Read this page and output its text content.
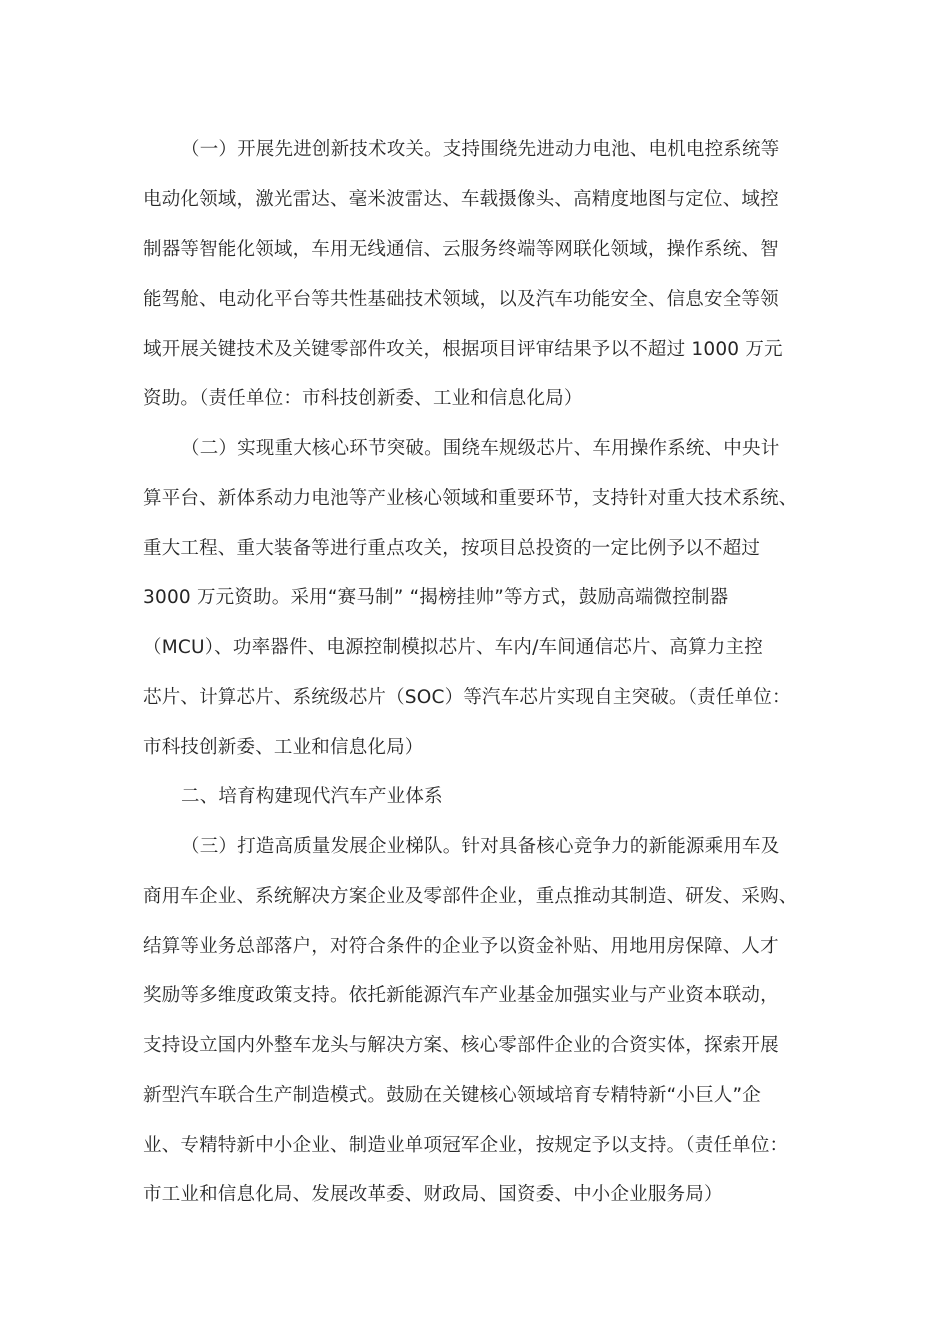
（一）开展先进创新技术攻关。支持围绕先进动力电池、电机电控系统等
电动化领域，激光雷达、毫米波雷达、车载摄像头、高精度地图与定位、域控
制器等智能化领域，车用无线通信、云服务终端等网联化领域，操作系统、智
能驾舱、电动化平台等共性基础技术领域，以及汽车功能安全、信息安全等领
域开展关键技术及关键零部件攻关，根据项目评审结果予以不超过 1000 万元
资助。（责任单位：市科技创新委、工业和信息化局）
（二）实现重大核心环节突破。围绕车规级芯片、车用操作系统、中央计
算平台、新体系动力电池等产业核心领域和重要环节，支持针对重大技术系统、
重大工程、重大装备等进行重点攻关，按项目总投资的一定比例予以不超过
3000 万元资助。采用“赛马制” “揭榜挂帅”等方式，鼓励高端微控制器
（MCU）、功率器件、电源控制模拟芯片、车内/车间通信芯片、高算力主控
芯片、计算芯片、系统级芯片（SOC）等汽车芯片实现自主突破。（责任单位：
市科技创新委、工业和信息化局）
二、培育构建现代汽车产业体系
（三）打造高质量发展企业梯队。针对具备核心竞争力的新能源乘用车及
商用车企业、系统解决方案企业及零部件企业，重点推动其制造、研发、采购、
结算等业务总部落户，对符合条件的企业予以资金补贴、用地用房保障、人才
奖励等多维度政策支持。依托新能源汽车产业基金加强实业与产业资本联动，
支持设立国内外整车龙头与解决方案、核心零部件企业的合资实体，探索开展
新型汽车联合生产制造模式。鼓励在关键核心领域培育专精特新“小巨人”企
业、专精特新中小企业、制造业单项冠军企业，按规定予以支持。（责任单位：
市工业和信息化局、发展改革委、财政局、国资委、中小企业服务局）
